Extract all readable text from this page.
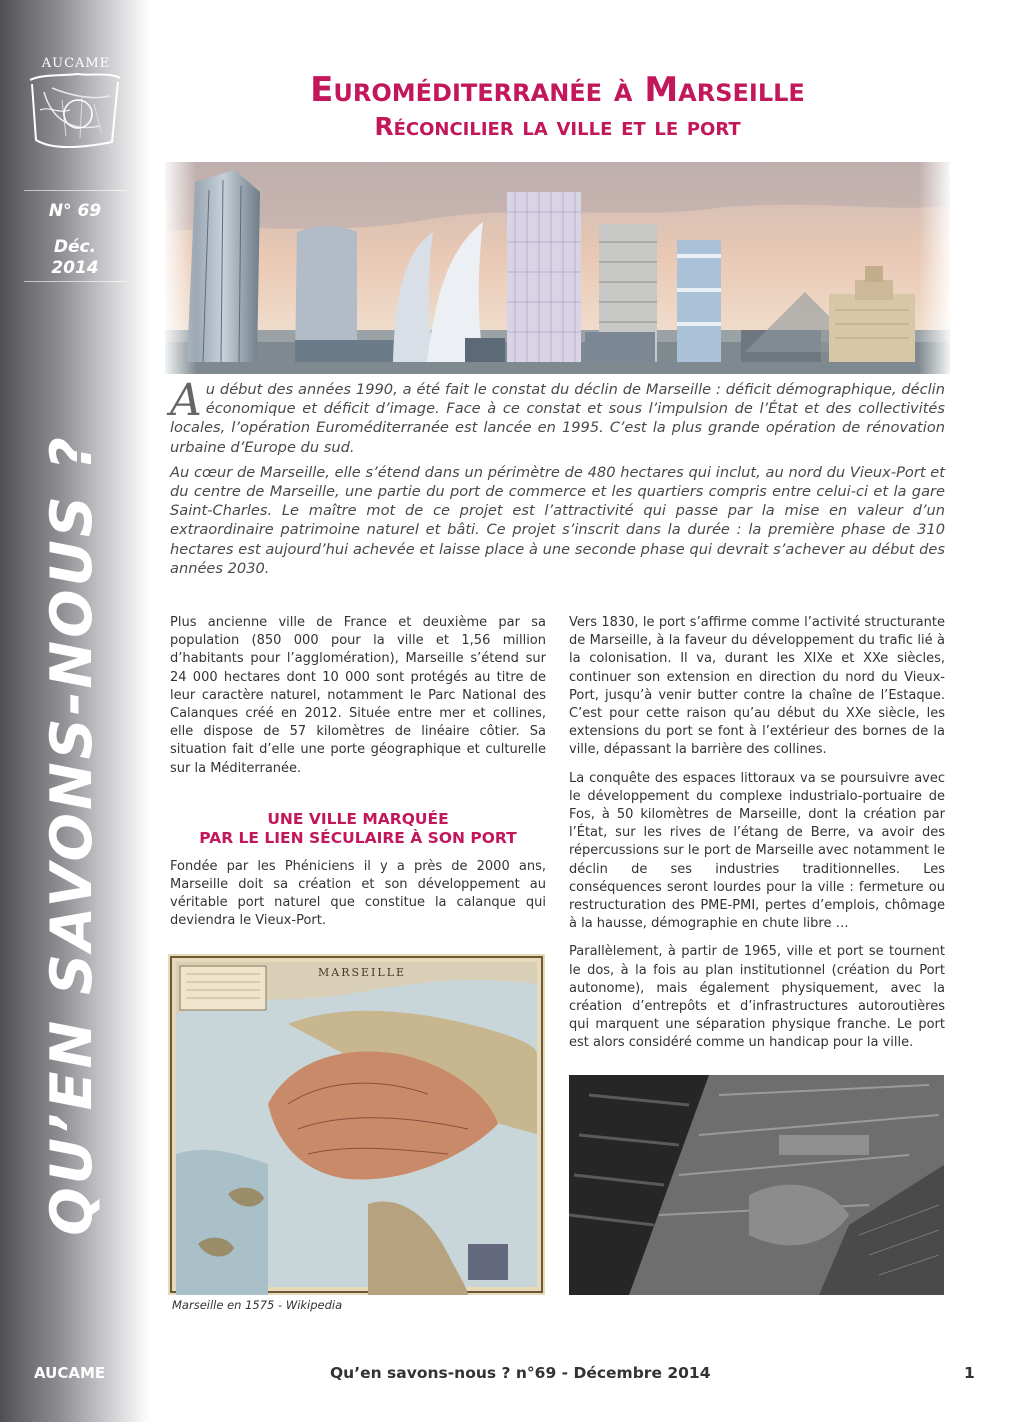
AUCAME
N° 69
Déc.
2014
QU’EN SAVONS-NOUS ?
AUCAME
Euroméditerranée à Marseille
Réconcilier la ville et le port

Au début des années 1990, a été fait le constat du déclin de Marseille : déficit démographique, déclin économique et déficit d’image. Face à ce constat et sous l’impulsion de l’État et des collectivités locales, l’opération Euroméditerranée est lancée en 1995. C’est la plus grande opération de rénovation urbaine d’Europe du sud.

Au cœur de Marseille, elle s’étend dans un périmètre de 480 hectares qui inclut, au nord du Vieux-Port et du centre de Marseille, une partie du port de commerce et les quartiers compris entre celui-ci et la gare Saint-Charles. Le maître mot de ce projet est l’attractivité qui passe par la mise en valeur d’un extraordinaire patrimoine naturel et bâti. Ce projet s’inscrit dans la durée : la première phase de 310 hectares est aujourd’hui achevée et laisse place à une seconde phase qui devrait s’achever au début des années 2030.

Plus ancienne ville de France et deuxième par sa population (850 000 pour la ville et 1,56 million d’habitants pour l’agglomération), Marseille s’étend sur 24 000 hectares dont 10 000 sont protégés au titre de leur caractère naturel, notamment le Parc National des Calanques créé en 2012. Située entre mer et collines, elle dispose de 57 kilomètres de linéaire côtier. Sa situation fait d’elle une porte géographique et culturelle sur la Méditerranée.

UNE VILLE MARQUÉE
PAR LE LIEN SÉCULAIRE À SON PORT

Fondée par les Phéniciens il y a près de 2000 ans, Marseille doit sa création et son développement au véritable port naturel que constitue la calanque qui deviendra le Vieux-Port.

MARSEILLE
Marseille en 1575 - Wikipedia

Vers 1830, le port s’affirme comme l’activité structurante de Marseille, à la faveur du développement du trafic lié à la colonisation. Il va, durant les XIXe et XXe siècles, continuer son extension en direction du nord du Vieux-Port, jusqu’à venir butter contre la chaîne de l’Estaque. C’est pour cette raison qu’au début du XXe siècle, les extensions du port se font à l’extérieur des bornes de la ville, dépassant la barrière des collines.

La conquête des espaces littoraux va se poursuivre avec le développement du complexe industrialo-portuaire de Fos, à 50 kilomètres de Marseille, dont la création par l’État, sur les rives de l’étang de Berre, va avoir des répercussions sur le port de Marseille avec notamment le déclin de ses industries traditionnelles. Les conséquences seront lourdes pour la ville : fermeture ou restructuration des PME-PMI, pertes d’emplois, chômage à la hausse, démographie en chute libre …

Parallèlement, à partir de 1965, ville et port se tournent le dos, à la fois au plan institutionnel (création du Port autonome), mais également physiquement, avec la création d’entrepôts et d’infrastructures autoroutières qui marquent une séparation physique franche. Le port est alors considéré comme un handicap pour la ville.

Qu’en savons-nous ? n°69 - Décembre 2014	1
